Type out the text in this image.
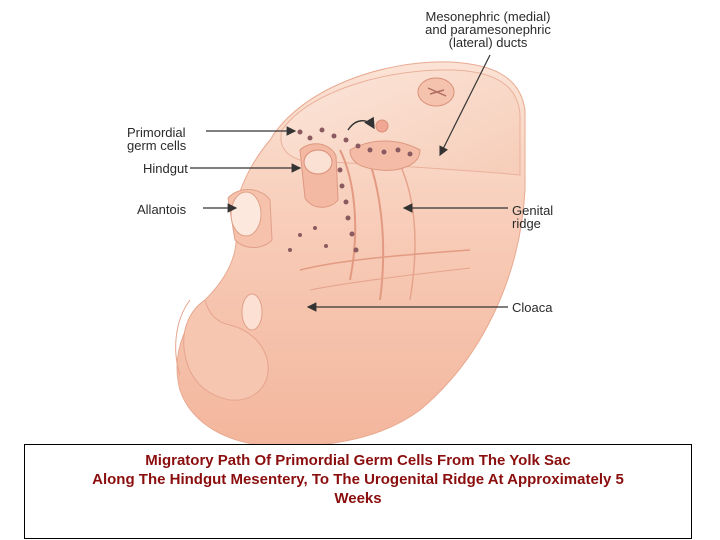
Mesonephric (medial)
and paramesonephric
(lateral) ducts
Primordial
germ cells
Hindgut
Allantois	Genital
ridge
Cloaca
Migratory Path Of Primordial Germ Cells From The Yolk Sac
Along The Hindgut Mesentery, To The Urogenital Ridge At Approximately 5
Weeks
